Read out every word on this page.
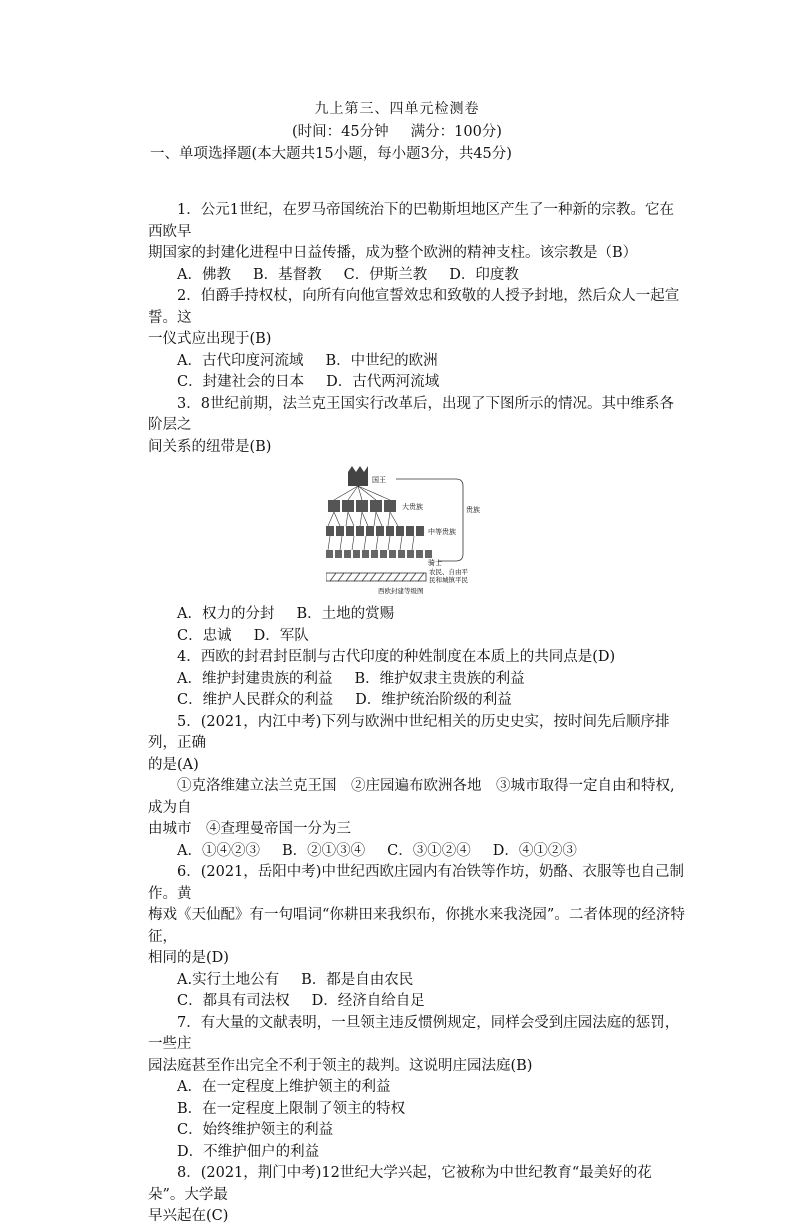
九上第三、四单元检测卷
(时间：45分钟 满分：100分)
一、单项选择题(本大题共15小题，每小题3分，共45分)

1．公元1世纪，在罗马帝国统治下的巴勒斯坦地区产生了一种新的宗教。它在西欧早

期国家的封建化进程中日益传播，成为整个欧洲的精神支柱。该宗教是（B）

A．佛教 B．基督教 C．伊斯兰教 D．印度教

2．伯爵手持权杖，向所有向他宣誓效忠和致敬的人授予封地，然后众人一起宣誓。这

一仪式应出现于(B)

A．古代印度河流域 B．中世纪的欧洲

C．封建社会的日本 D．古代两河流域

3．8世纪前期，法兰克王国实行改革后，出现了下图所示的情况。其中维系各阶层之

间关系的纽带是(B)

国王
大贵族
中等贵族
骑士
农民、自由平
民和城镇平民
贵族
西欧封建等级图

A．权力的分封 B．土地的赏赐

C．忠诚 D．军队

4．西欧的封君封臣制与古代印度的种姓制度在本质上的共同点是(D)

A．维护封建贵族的利益 B．维护奴隶主贵族的利益

C．维护人民群众的利益 D．维护统治阶级的利益

5．(2021，内江中考)下列与欧洲中世纪相关的历史史实，按时间先后顺序排列，正确

的是(A)

①克洛维建立法兰克王国　②庄园遍布欧洲各地　③城市取得一定自由和特权,成为自

由城市　④查理曼帝国一分为三

A．①④②③ B．②①③④ C．③①②④ D．④①②③

6．(2021，岳阳中考)中世纪西欧庄园内有冶铁等作坊，奶酪、衣服等也自己制作。黄

梅戏《天仙配》有一句唱词“你耕田来我织布，你挑水来我浇园”。二者体现的经济特征，

相同的是(D)

A.实行土地公有 B．都是自由农民

C．都具有司法权 D．经济自给自足

7．有大量的文献表明，一旦领主违反惯例规定，同样会受到庄园法庭的惩罚，一些庄

园法庭甚至作出完全不利于领主的裁判。这说明庄园法庭(B)

A．在一定程度上维护领主的利益

B．在一定程度上限制了领主的特权

C．始终维护领主的利益

D．不维护佃户的利益

8．(2021，荆门中考)12世纪大学兴起，它被称为中世纪教育“最美好的花朵”。大学最

早兴起在(C)
